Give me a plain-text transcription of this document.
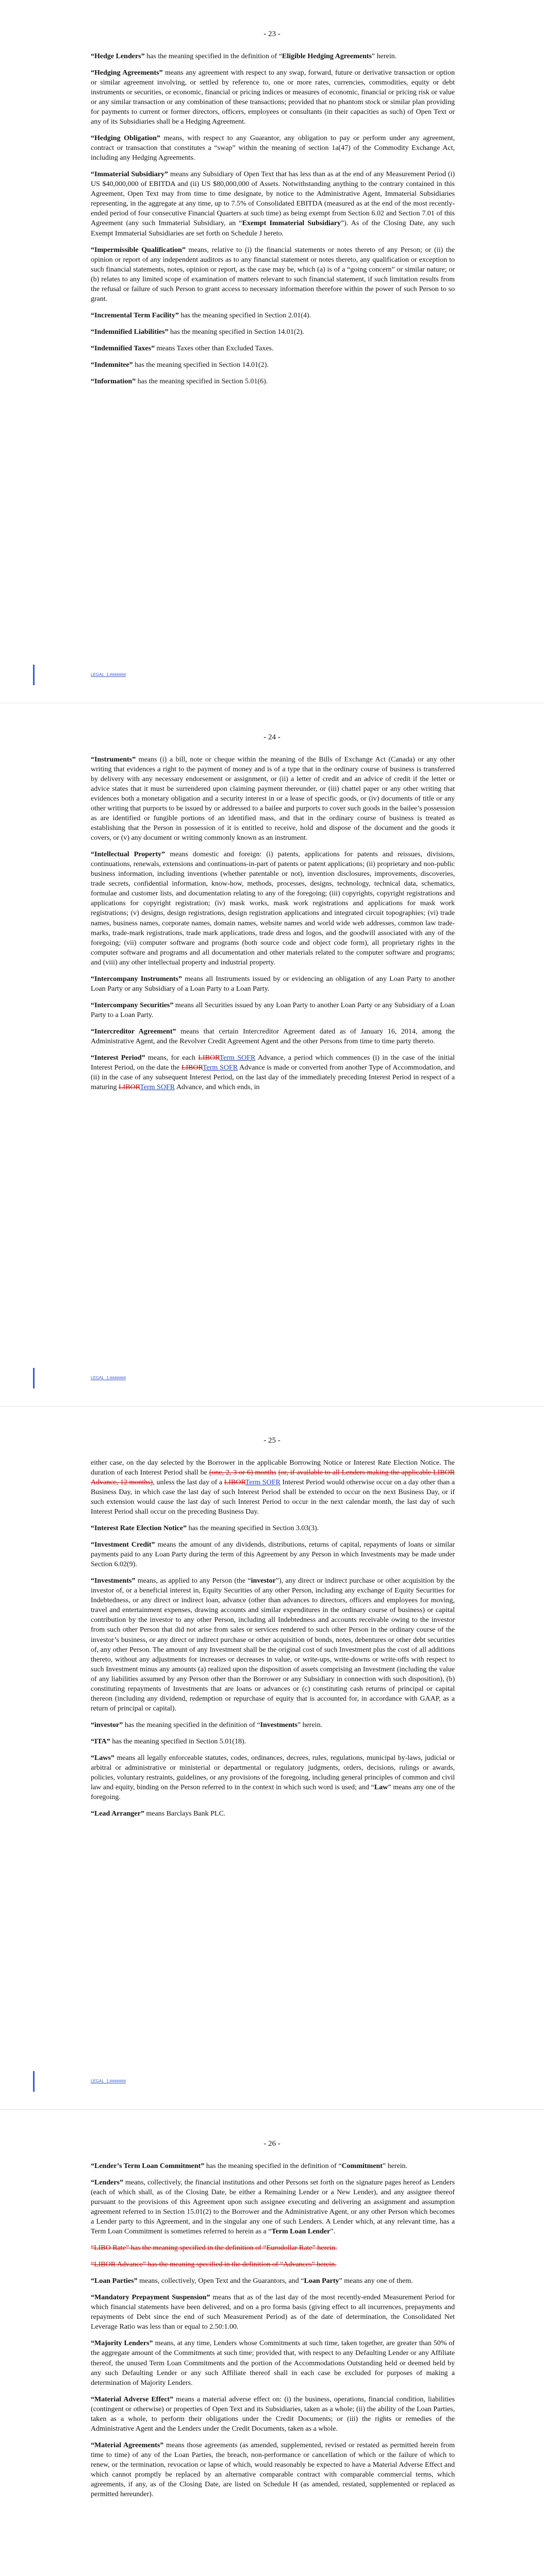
- 23 -

“Hedge Lenders” has the meaning specified in the definition of “Eligible Hedging Agreements” herein.

“Hedging Agreements” means any agreement with respect to any swap, forward, future or derivative transaction or option or similar agreement involving, or settled by reference to, one or more rates, currencies, commodities, equity or debt instruments or securities, or economic, financial or pricing indices or measures of economic, financial or pricing risk or value or any similar transaction or any combination of these transactions; provided that no phantom stock or similar plan providing for payments to current or former directors, officers, employees or consultants (in their capacities as such) of Open Text or any of its Subsidiaries shall be a Hedging Agreement.

“Hedging Obligation” means, with respect to any Guarantor, any obligation to pay or perform under any agreement, contract or transaction that constitutes a “swap” within the meaning of section 1a(47) of the Commodity Exchange Act, including any Hedging Agreements.

“Immaterial Subsidiary” means any Subsidiary of Open Text that has less than as at the end of any Measurement Period (i) US $40,000,000 of EBITDA and (ii) US $80,000,000 of Assets. Notwithstanding anything to the contrary contained in this Agreement, Open Text may from time to time designate, by notice to the Administrative Agent, Immaterial Subsidiaries representing, in the aggregate at any time, up to 7.5% of Consolidated EBITDA (measured as at the end of the most recently-ended period of four consecutive Financial Quarters at such time) as being exempt from Section 6.02 and Section 7.01 of this Agreement (any such Immaterial Subsidiary, an “Exempt Immaterial Subsidiary”). As of the Closing Date, any such Exempt Immaterial Subsidiaries are set forth on Schedule J hereto.

“Impermissible Qualification” means, relative to (i) the financial statements or notes thereto of any Person; or (ii) the opinion or report of any independent auditors as to any financial statement or notes thereto, any qualification or exception to such financial statements, notes, opinion or report, as the case may be, which (a) is of a “going concern” or similar nature; or (b) relates to any limited scope of examination of matters relevant to such financial statement, if such limitation results from the refusal or failure of such Person to grant access to necessary information therefore within the power of such Person to so grant.

“Incremental Term Facility” has the meaning specified in Section 2.01(4).

“Indemnified Liabilities” has the meaning specified in Section 14.01(2).

“Indemnified Taxes” means Taxes other than Excluded Taxes.

“Indemnitee” has the meaning specified in Section 14.01(2).

“Information” has the meaning specified in Section 5.01(6).

LEGAL_1:#######
- 24 -

“Instruments” means (i) a bill, note or cheque within the meaning of the Bills of Exchange Act (Canada) or any other writing that evidences a right to the payment of money and is of a type that in the ordinary course of business is transferred by delivery with any necessary endorsement or assignment, or (ii) a letter of credit and an advice of credit if the letter or advice states that it must be surrendered upon claiming payment thereunder, or (iii) chattel paper or any other writing that evidences both a monetary obligation and a security interest in or a lease of specific goods, or (iv) documents of title or any other writing that purports to be issued by or addressed to a bailee and purports to cover such goods in the bailee’s possession as are identified or fungible portions of an identified mass, and that in the ordinary course of business is treated as establishing that the Person in possession of it is entitled to receive, hold and dispose of the document and the goods it covers, or (v) any document or writing commonly known as an instrument.

“Intellectual Property” means domestic and foreign: (i) patents, applications for patents and reissues, divisions, continuations, renewals, extensions and continuations-in-part of patents or patent applications; (ii) proprietary and non-public business information, including inventions (whether patentable or not), invention disclosures, improvements, discoveries, trade secrets, confidential information, know-how, methods, processes, designs, technology, technical data, schematics, formulae and customer lists, and documentation relating to any of the foregoing; (iii) copyrights, copyright registrations and applications for copyright registration; (iv) mask works, mask work registrations and applications for mask work registrations; (v) designs, design registrations, design registration applications and integrated circuit topographies; (vi) trade names, business names, corporate names, domain names, website names and world wide web addresses, common law trade-marks, trade-mark registrations, trade mark applications, trade dress and logos, and the goodwill associated with any of the foregoing; (vii) computer software and programs (both source code and object code form), all proprietary rights in the computer software and programs and all documentation and other materials related to the computer software and programs; and (viii) any other intellectual property and industrial property.

“Intercompany Instruments” means all Instruments issued by or evidencing an obligation of any Loan Party to another Loan Party or any Subsidiary of a Loan Party to a Loan Party.

“Intercompany Securities” means all Securities issued by any Loan Party to another Loan Party or any Subsidiary of a Loan Party to a Loan Party.

“Intercreditor Agreement” means that certain Intercreditor Agreement dated as of January 16, 2014, among the Administrative Agent, and the Revolver Credit Agreement Agent and the other Persons from time to time party thereto.

“Interest Period” means, for each LIBORTerm SOFR Advance, a period which commences (i) in the case of the initial Interest Period, on the date the LIBORTerm SOFR Advance is made or converted from another Type of Accommodation, and (ii) in the case of any subsequent Interest Period, on the last day of the immediately preceding Interest Period in respect of a maturing LIBORTerm SOFR Advance, and which ends, in

LEGAL_1:#######
- 25 -

either case, on the day selected by the Borrower in the applicable Borrowing Notice or Interest Rate Election Notice. The duration of each Interest Period shall be (one, 2, 3 or 6) months (or, if available to all Lenders making the applicable LIBOR Advance, 12 months), unless the last day of a LIBORTerm SOFR Interest Period would otherwise occur on a day other than a Business Day, in which case the last day of such Interest Period shall be extended to occur on the next Business Day, or if such extension would cause the last day of such Interest Period to occur in the next calendar month, the last day of such Interest Period shall occur on the preceding Business Day.

“Interest Rate Election Notice” has the meaning specified in Section 3.03(3).

“Investment Credit” means the amount of any dividends, distributions, returns of capital, repayments of loans or similar payments paid to any Loan Party during the term of this Agreement by any Person in which Investments may be made under Section 6.02(9).

“Investments” means, as applied to any Person (the “investor”), any direct or indirect purchase or other acquisition by the investor of, or a beneficial interest in, Equity Securities of any other Person, including any exchange of Equity Securities for Indebtedness, or any direct or indirect loan, advance (other than advances to directors, officers and employees for moving, travel and entertainment expenses, drawing accounts and similar expenditures in the ordinary course of business) or capital contribution by the investor to any other Person, including all Indebtedness and accounts receivable owing to the investor from such other Person that did not arise from sales or services rendered to such other Person in the ordinary course of the investor’s business, or any direct or indirect purchase or other acquisition of bonds, notes, debentures or other debt securities of, any other Person. The amount of any Investment shall be the original cost of such Investment plus the cost of all additions thereto, without any adjustments for increases or decreases in value, or write-ups, write-downs or write-offs with respect to such Investment minus any amounts (a) realized upon the disposition of assets comprising an Investment (including the value of any liabilities assumed by any Person other than the Borrower or any Subsidiary in connection with such disposition), (b) constituting repayments of Investments that are loans or advances or (c) constituting cash returns of principal or capital thereon (including any dividend, redemption or repurchase of equity that is accounted for, in accordance with GAAP, as a return of principal or capital).

“investor” has the meaning specified in the definition of “Investments” herein.

“ITA” has the meaning specified in Section 5.01(18).

“Laws” means all legally enforceable statutes, codes, ordinances, decrees, rules, regulations, municipal by-laws, judicial or arbitral or administrative or ministerial or departmental or regulatory judgments, orders, decisions, rulings or awards, policies, voluntary restraints, guidelines, or any provisions of the foregoing, including general principles of common and civil law and equity, binding on the Person referred to in the context in which such word is used; and “Law” means any one of the foregoing.

“Lead Arranger” means Barclays Bank PLC.

LEGAL_1:#######
- 26 -

“Lender’s Term Loan Commitment” has the meaning specified in the definition of “Commitment” herein.

“Lenders” means, collectively, the financial institutions and other Persons set forth on the signature pages hereof as Lenders (each of which shall, as of the Closing Date, be either a Remaining Lender or a New Lender), and any assignee thereof pursuant to the provisions of this Agreement upon such assignee executing and delivering an assignment and assumption agreement referred to in Section 15.01(2) to the Borrower and the Administrative Agent, or any other Person which becomes a Lender party to this Agreement, and in the singular any one of such Lenders. A Lender which, at any relevant time, has a Term Loan Commitment is sometimes referred to herein as a “Term Loan Lender”.

“LIBO Rate” has the meaning specified in the definition of “Eurodollar Rate” herein.

“LIBOR Advance” has the meaning specified in the definition of “Advances” herein.

“Loan Parties” means, collectively, Open Text and the Guarantors, and “Loan Party” means any one of them.

“Mandatory Prepayment Suspension” means that as of the last day of the most recently-ended Measurement Period for which financial statements have been delivered, and on a pro forma basis (giving effect to all incurrences, prepayments and repayments of Debt since the end of such Measurement Period) as of the date of determination, the Consolidated Net Leverage Ratio was less than or equal to 2.50:1.00.

“Majority Lenders” means, at any time, Lenders whose Commitments at such time, taken together, are greater than 50% of the aggregate amount of the Commitments at such time; provided that, with respect to any Defaulting Lender or any Affiliate thereof, the unused Term Loan Commitments and the portion of the Accommodations Outstanding held or deemed held by any such Defaulting Lender or any such Affiliate thereof shall in each case be excluded for purposes of making a determination of Majority Lenders.

“Material Adverse Effect” means a material adverse effect on: (i) the business, operations, financial condition, liabilities (contingent or otherwise) or properties of Open Text and its Subsidiaries, taken as a whole; (ii) the ability of the Loan Parties, taken as a whole, to perform their obligations under the Credit Documents; or (iii) the rights or remedies of the Administrative Agent and the Lenders under the Credit Documents, taken as a whole.

“Material Agreements” means those agreements (as amended, supplemented, revised or restated as permitted herein from time to time) of any of the Loan Parties, the breach, non-performance or cancellation of which or the failure of which to renew, or the termination, revocation or lapse of which, would reasonably be expected to have a Material Adverse Effect and which cannot promptly be replaced by an alternative comparable contract with comparable commercial terms, which agreements, if any, as of the Closing Date, are listed on Schedule H (as amended, restated, supplemented or replaced as permitted hereunder).
